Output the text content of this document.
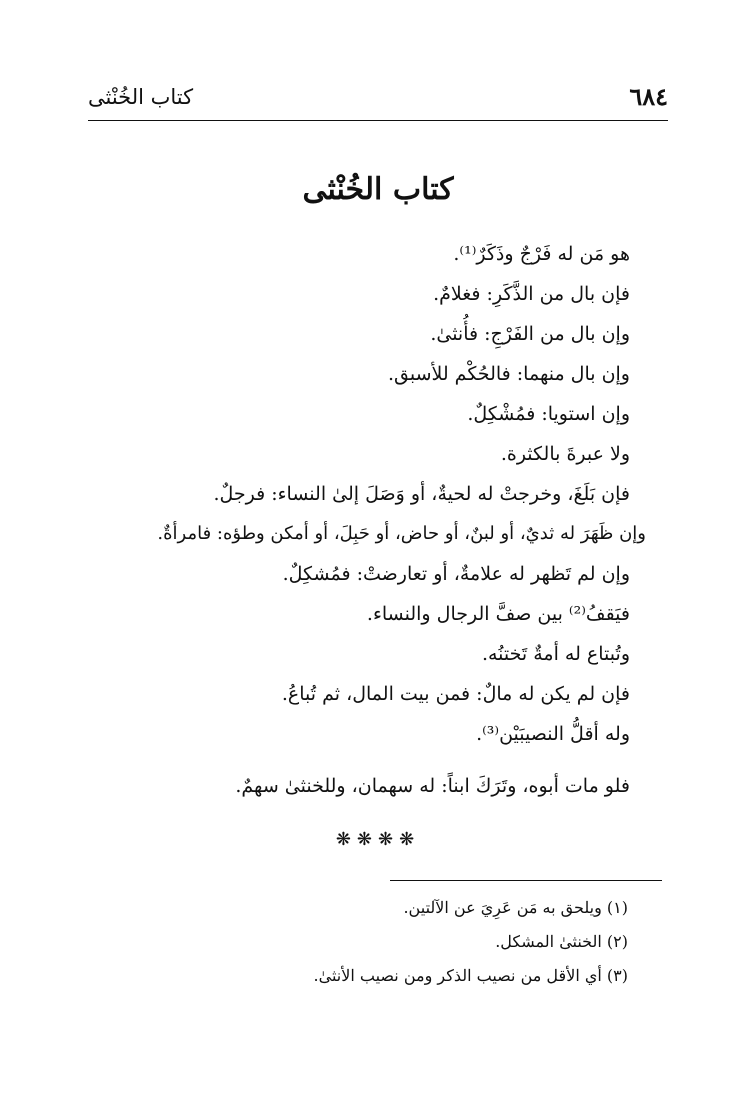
٦٨٤
كتاب الخُنْثى
كتاب الخُنْثى
هو مَن له فَرْجٌ وذَكَرٌ⁽¹⁾.
فإن بال من الذَّكَرِ: فغلامٌ.
وإن بال من الفَرْجِ: فأُنثىٰ.
وإن بال منهما: فالحُكْم للأسبق.
وإن استويا: فمُشْكِلٌ.
ولا عبرةَ بالكثرة.
فإن بَلَغَ، وخرجتْ له لحيةٌ، أو وَصَلَ إلىٰ النساء: فرجلٌ.
وإن ظَهَرَ له ثديٌ، أو لبنٌ، أو حاض، أو حَبِلَ، أو أمكن وطؤه: فامرأةٌ.
وإن لم تَظهر له علامةٌ، أو تعارضتْ: فمُشكِلٌ.
فيَقفُ⁽²⁾ بين صفَّ الرجال والنساء.
وتُبتاع له أمةٌ تَختنُه.
فإن لم يكن له مالٌ: فمن بيت المال، ثم تُباعُ.
وله أقلُّ النصيبَيْن⁽³⁾.
فلو مات أبوه، وتَرَكَ ابناً: له سهمان، وللخنثىٰ سهمٌ.
❋❋❋❋
(١) ويلحق به مَن عَرِيَ عن الآلتين.
(٢) الخنثىٰ المشكل.
(٣) أي الأقل من نصيب الذكر ومن نصيب الأنثىٰ.
